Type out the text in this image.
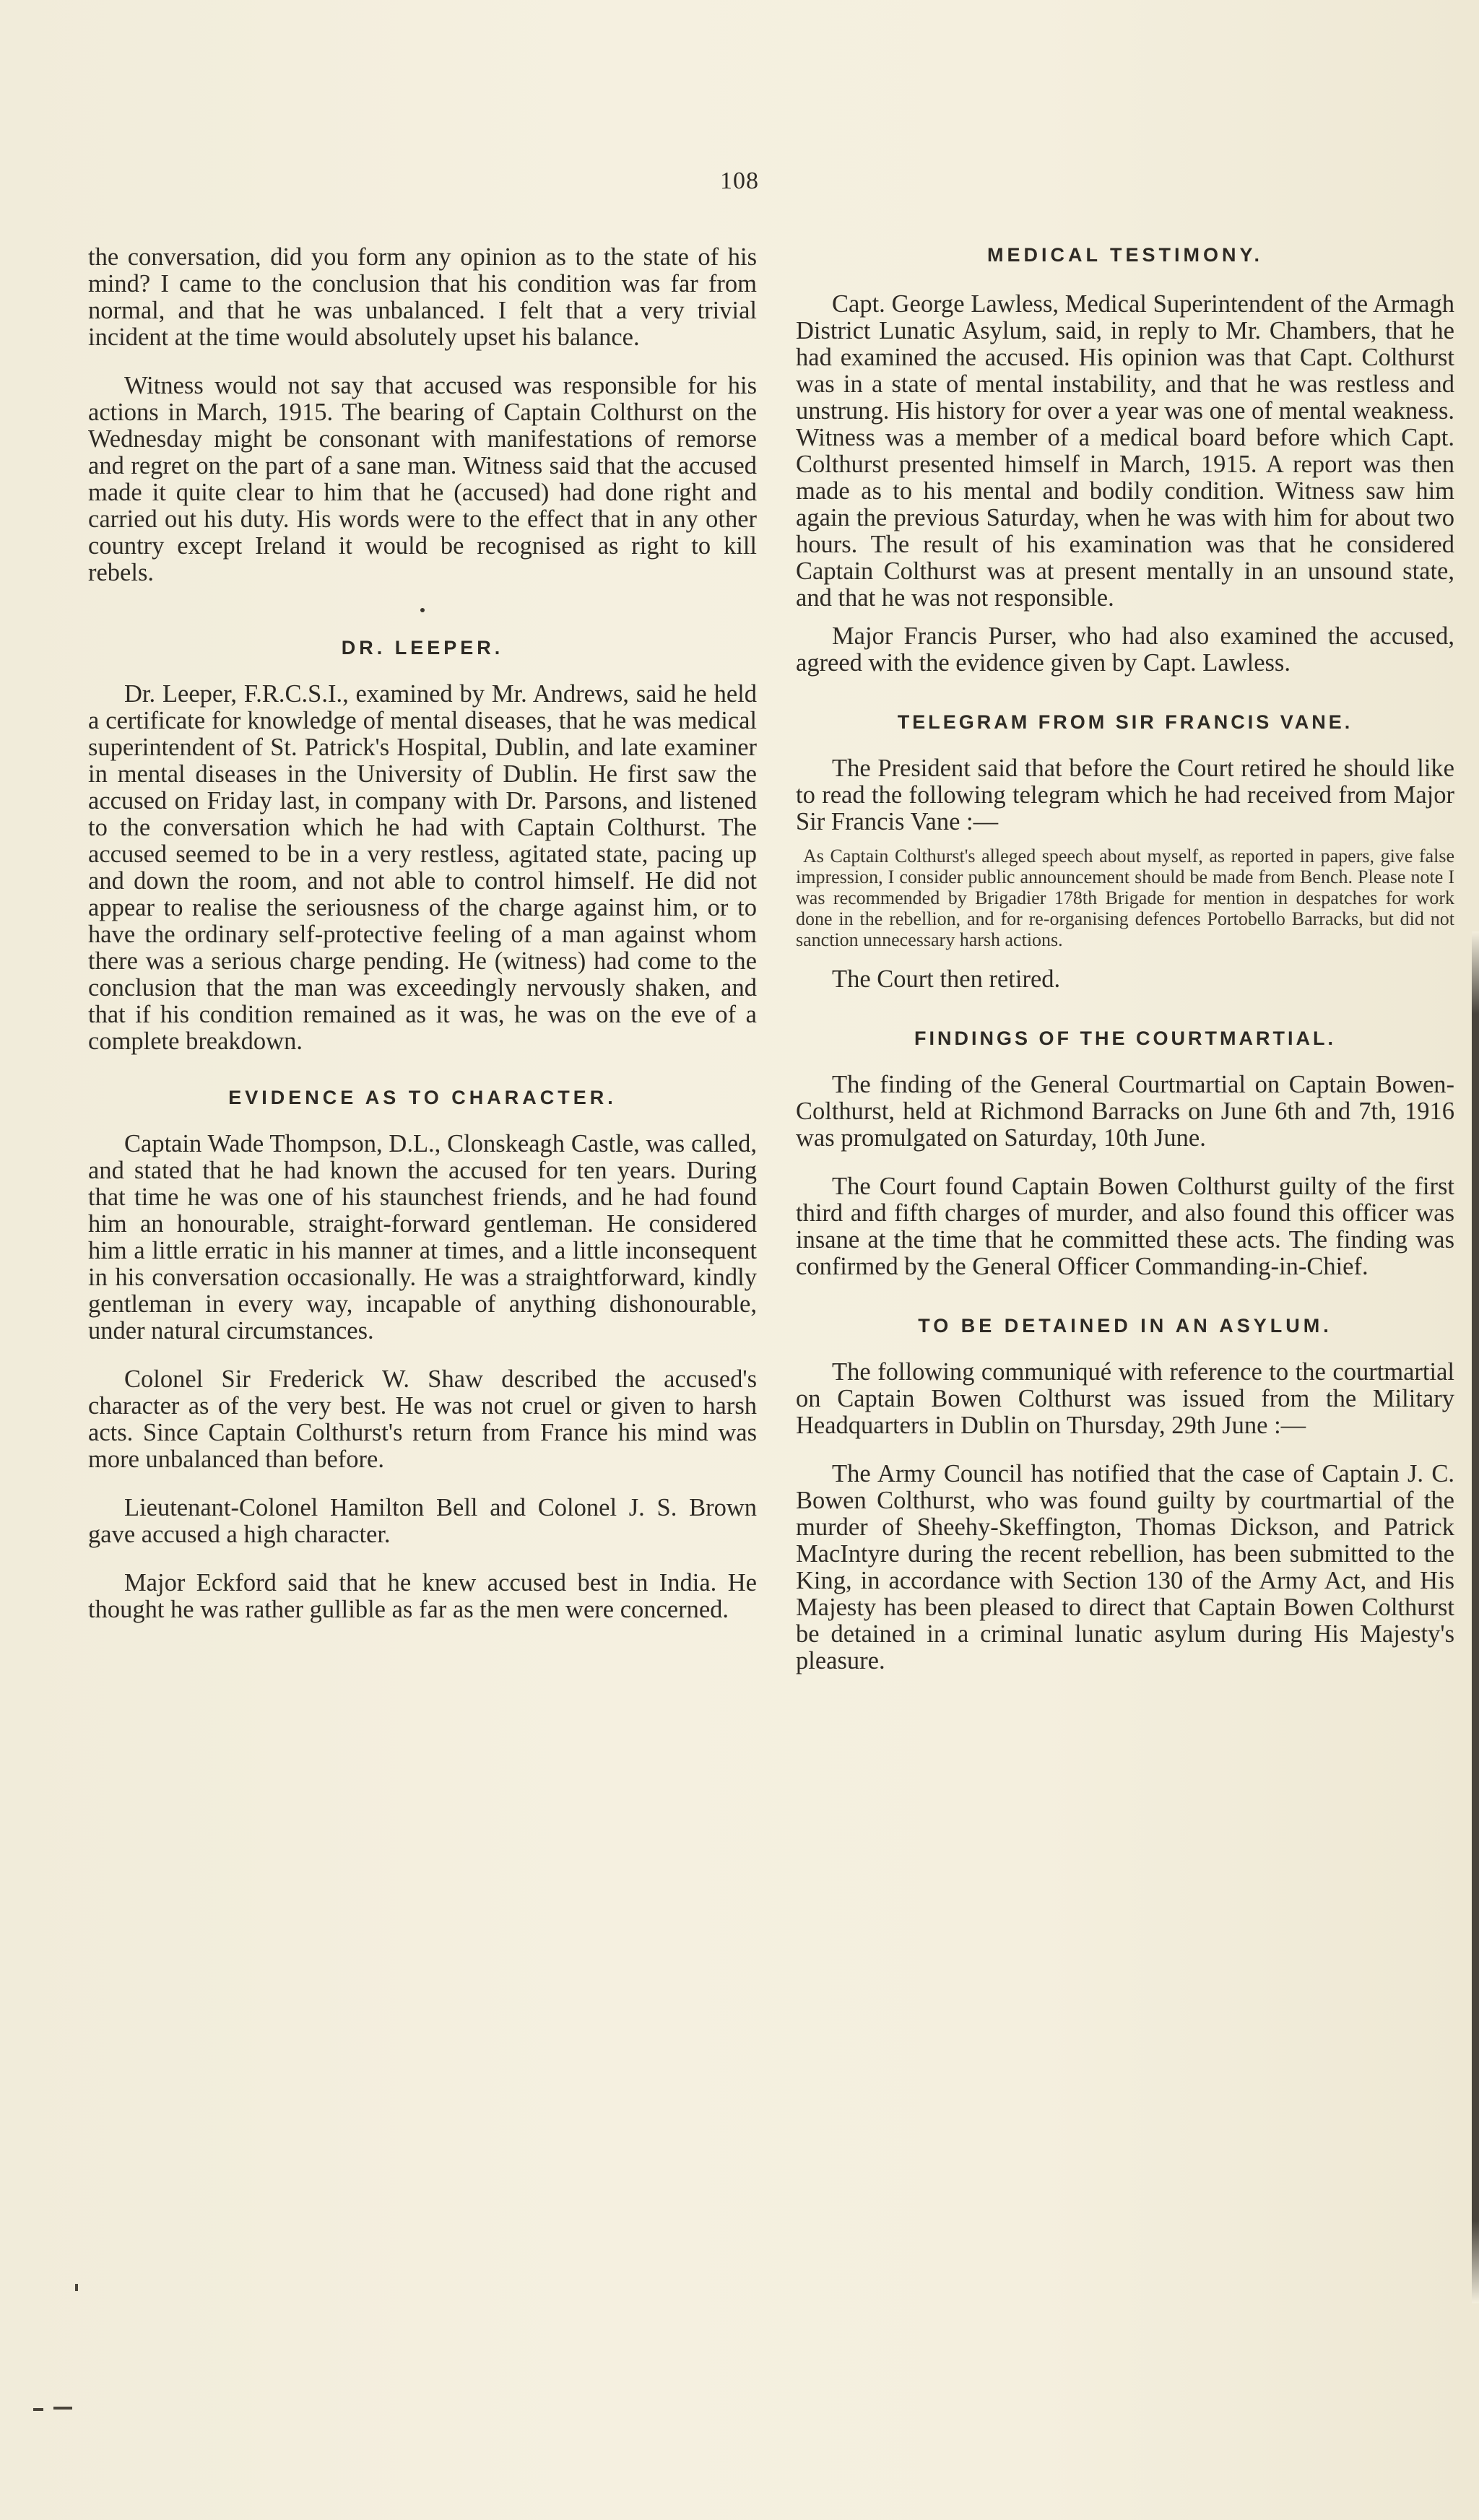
108

the conversation, did you form any opinion as to the state of his mind? I came to the conclusion that his condition was far from normal, and that he was unbalanced. I felt that a very trivial incident at the time would absolutely upset his balance.

Witness would not say that accused was responsible for his actions in March, 1915. The bearing of Captain Colthurst on the Wednesday might be consonant with manifestations of remorse and regret on the part of a sane man. Witness said that the accused made it quite clear to him that he (accused) had done right and carried out his duty. His words were to the effect that in any other country except Ireland it would be recognised as right to kill rebels.

DR. LEEPER.

Dr. Leeper, F.R.C.S.I., examined by Mr. Andrews, said he held a certificate for knowledge of mental diseases, that he was medical superintendent of St. Patrick's Hospital, Dublin, and late examiner in mental diseases in the University of Dublin. He first saw the accused on Friday last, in company with Dr. Parsons, and listened to the conversation which he had with Captain Colthurst. The accused seemed to be in a very restless, agitated state, pacing up and down the room, and not able to control himself. He did not appear to realise the seriousness of the charge against him, or to have the ordinary self-protective feeling of a man against whom there was a serious charge pending. He (witness) had come to the conclusion that the man was exceedingly nervously shaken, and that if his condition remained as it was, he was on the eve of a complete breakdown.

EVIDENCE AS TO CHARACTER.

Captain Wade Thompson, D.L., Clonskeagh Castle, was called, and stated that he had known the accused for ten years. During that time he was one of his staunchest friends, and he had found him an honourable, straight-forward gentleman. He considered him a little erratic in his manner at times, and a little inconsequent in his conversation occasionally. He was a straightforward, kindly gentleman in every way, incapable of anything dishonourable, under natural circumstances.

Colonel Sir Frederick W. Shaw described the accused's character as of the very best. He was not cruel or given to harsh acts. Since Captain Colthurst's return from France his mind was more unbalanced than before.

Lieutenant-Colonel Hamilton Bell and Colonel J. S. Brown gave accused a high character.

Major Eckford said that he knew accused best in India. He thought he was rather gullible as far as the men were concerned.

MEDICAL TESTIMONY.

Capt. George Lawless, Medical Superintendent of the Armagh District Lunatic Asylum, said, in reply to Mr. Chambers, that he had examined the accused. His opinion was that Capt. Colthurst was in a state of mental instability, and that he was restless and unstrung. His history for over a year was one of mental weakness. Witness was a member of a medical board before which Capt. Colthurst presented himself in March, 1915. A report was then made as to his mental and bodily condition. Witness saw him again the previous Saturday, when he was with him for about two hours. The result of his examination was that he considered Captain Colthurst was at present mentally in an unsound state, and that he was not responsible.

Major Francis Purser, who had also examined the accused, agreed with the evidence given by Capt. Lawless.

TELEGRAM FROM SIR FRANCIS VANE.

The President said that before the Court retired he should like to read the following telegram which he had received from Major Sir Francis Vane :—

As Captain Colthurst's alleged speech about myself, as reported in papers, give false impression, I consider public announcement should be made from Bench. Please note I was recommended by Brigadier 178th Brigade for mention in despatches for work done in the rebellion, and for re-organising defences Portobello Barracks, but did not sanction unnecessary harsh actions.

The Court then retired.

FINDINGS OF THE COURTMARTIAL.

The finding of the General Courtmartial on Captain Bowen-Colthurst, held at Richmond Barracks on June 6th and 7th, 1916 was promulgated on Saturday, 10th June.

The Court found Captain Bowen Colthurst guilty of the first third and fifth charges of murder, and also found this officer was insane at the time that he committed these acts. The finding was confirmed by the General Officer Commanding-in-Chief.

TO BE DETAINED IN AN ASYLUM.

The following communiqué with reference to the courtmartial on Captain Bowen Colthurst was issued from the Military Headquarters in Dublin on Thursday, 29th June :—

The Army Council has notified that the case of Captain J. C. Bowen Colthurst, who was found guilty by courtmartial of the murder of Sheehy-Skeffington, Thomas Dickson, and Patrick MacIntyre during the recent rebellion, has been submitted to the King, in accordance with Section 130 of the Army Act, and His Majesty has been pleased to direct that Captain Bowen Colthurst be detained in a criminal lunatic asylum during His Majesty's pleasure.
